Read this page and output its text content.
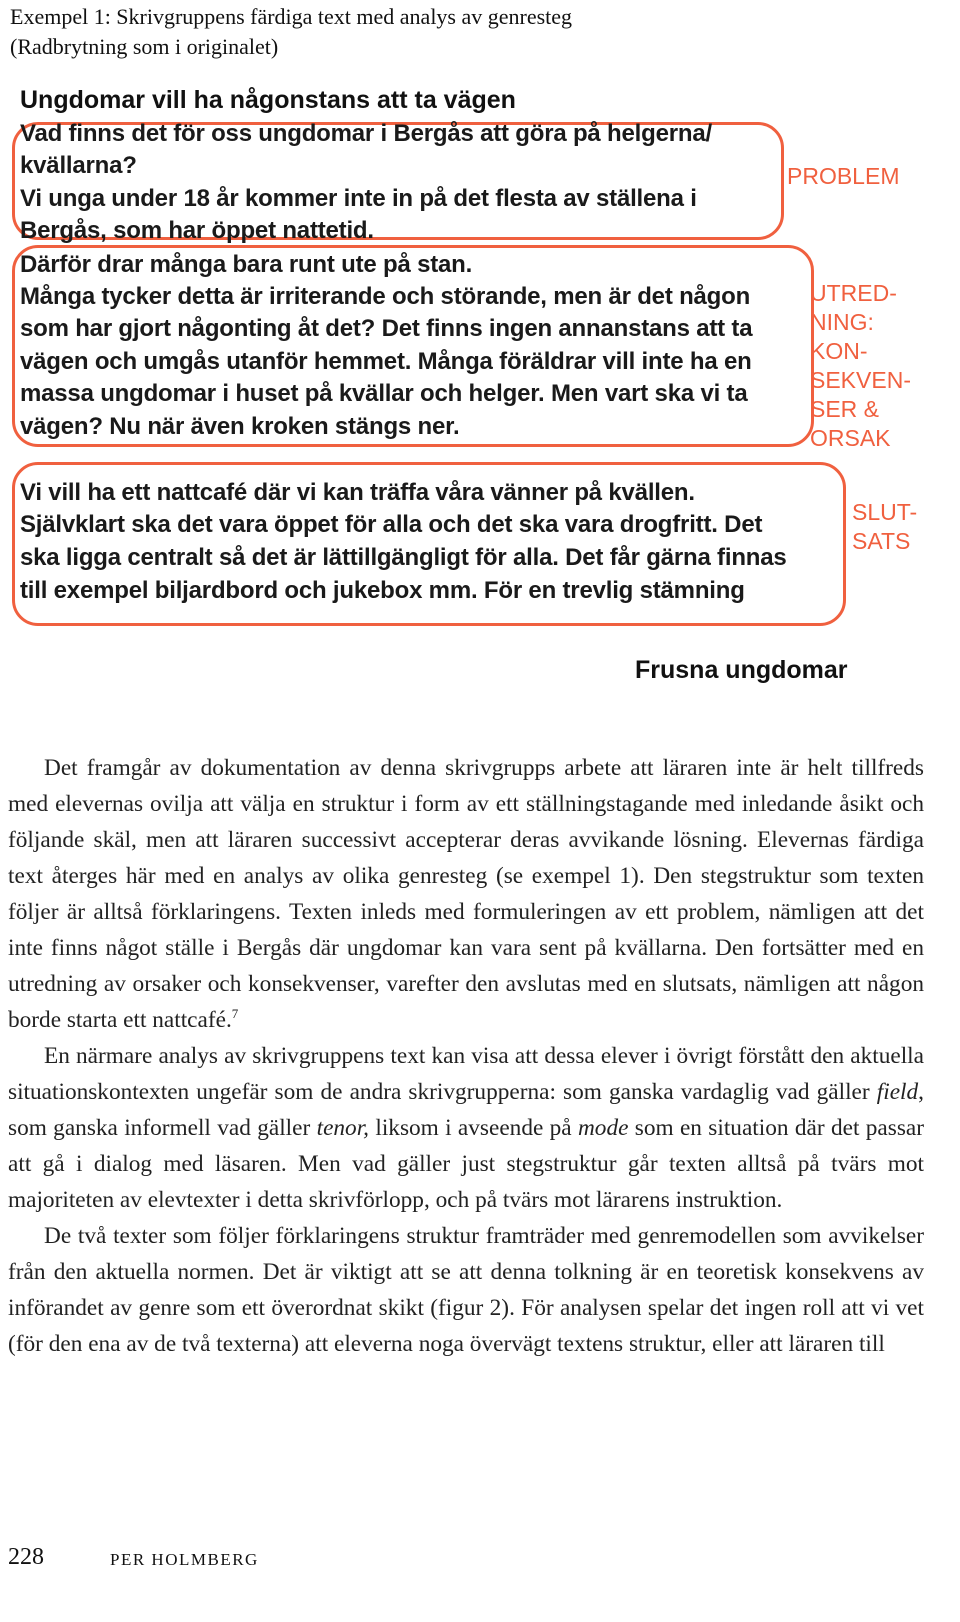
Exempel 1: Skrivgruppens färdiga text med analys av genresteg
(Radbrytning som i originalet)
Ungdomar vill ha någonstans att ta vägen
Vad finns det för oss ungdomar i Bergås att göra på helgerna/
kvällarna?
Vi unga under 18 år kommer inte in på det flesta av ställena i
Bergås, som har öppet nattetid.
PROBLEM
Därför drar många bara runt ute på stan.
Många tycker detta är irriterande och störande, men är det någon
som har gjort någonting åt det? Det finns ingen annanstans att ta
vägen och umgås utanför hemmet. Många föräldrar vill inte ha en
massa ungdomar i huset på kvällar och helger. Men vart ska vi ta
vägen? Nu när även kroken stängs ner.
UTRED-
NING:
KON-
SEKVEN-
SER &
ORSAK
Vi vill ha ett nattcafé där vi kan träffa våra vänner på kvällen.
Självklart ska det vara öppet för alla och det ska vara drogfritt. Det
ska ligga centralt så det är lättillgängligt för alla. Det får gärna finnas
till exempel biljardbord och jukebox mm. För en trevlig stämning
SLUT-
SATS
Frusna ungdomar

Det framgår av dokumentation av denna skrivgrupps arbete att läraren inte är helt tillfreds med elevernas ovilja att välja en struktur i form av ett ställningstagande med inledande åsikt och följande skäl, men att läraren successivt accepterar deras avvikande lösning. Elevernas färdiga text återges här med en analys av olika genresteg (se exempel 1). Den stegstruktur som texten följer är alltså förklaringens. Texten inleds med formuleringen av ett problem, nämligen att det inte finns något ställe i Bergås där ungdomar kan vara sent på kvällarna. Den fortsätter med en utredning av orsaker och konsekvenser, varefter den avslutas med en slutsats, nämligen att någon borde starta ett nattcafé.$^7$

En närmare analys av skrivgruppens text kan visa att dessa elever i övrigt förstått den aktuella situationskontexten ungefär som de andra skrivgrupperna: som ganska vardaglig vad gäller field, som ganska informell vad gäller tenor, liksom i avseende på mode som en situation där det passar att gå i dialog med läsaren. Men vad gäller just stegstruktur går texten alltså på tvärs mot majoriteten av elevtexter i detta skrivförlopp, och på tvärs mot lärarens instruktion.

De två texter som följer förklaringens struktur framträder med genremodellen som avvikelser från den aktuella normen. Det är viktigt att se att denna tolkning är en teoretisk konsekvens av införandet av genre som ett överordnat skikt (figur 2). För analysen spelar det ingen roll att vi vet (för den ena av de två texterna) att eleverna noga övervägt textens struktur, eller att läraren till

228	PER HOLMBERG
